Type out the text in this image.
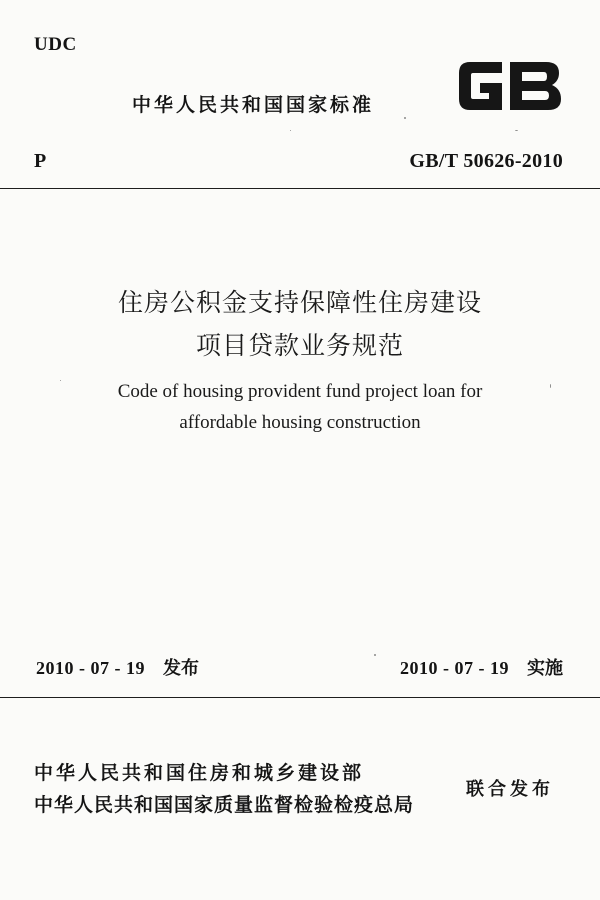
UDC
中华人民共和国国家标准
P	GB/T 50626-2010
住房公积金支持保障性住房建设
项目贷款业务规范
Code of housing provident fund project loan for
affordable housing construction
2010 - 07 - 19 发布	2010 - 07 - 19 实施
中华人民共和国住房和城乡建设部
中华人民共和国国家质量监督检验检疫总局
联合发布
